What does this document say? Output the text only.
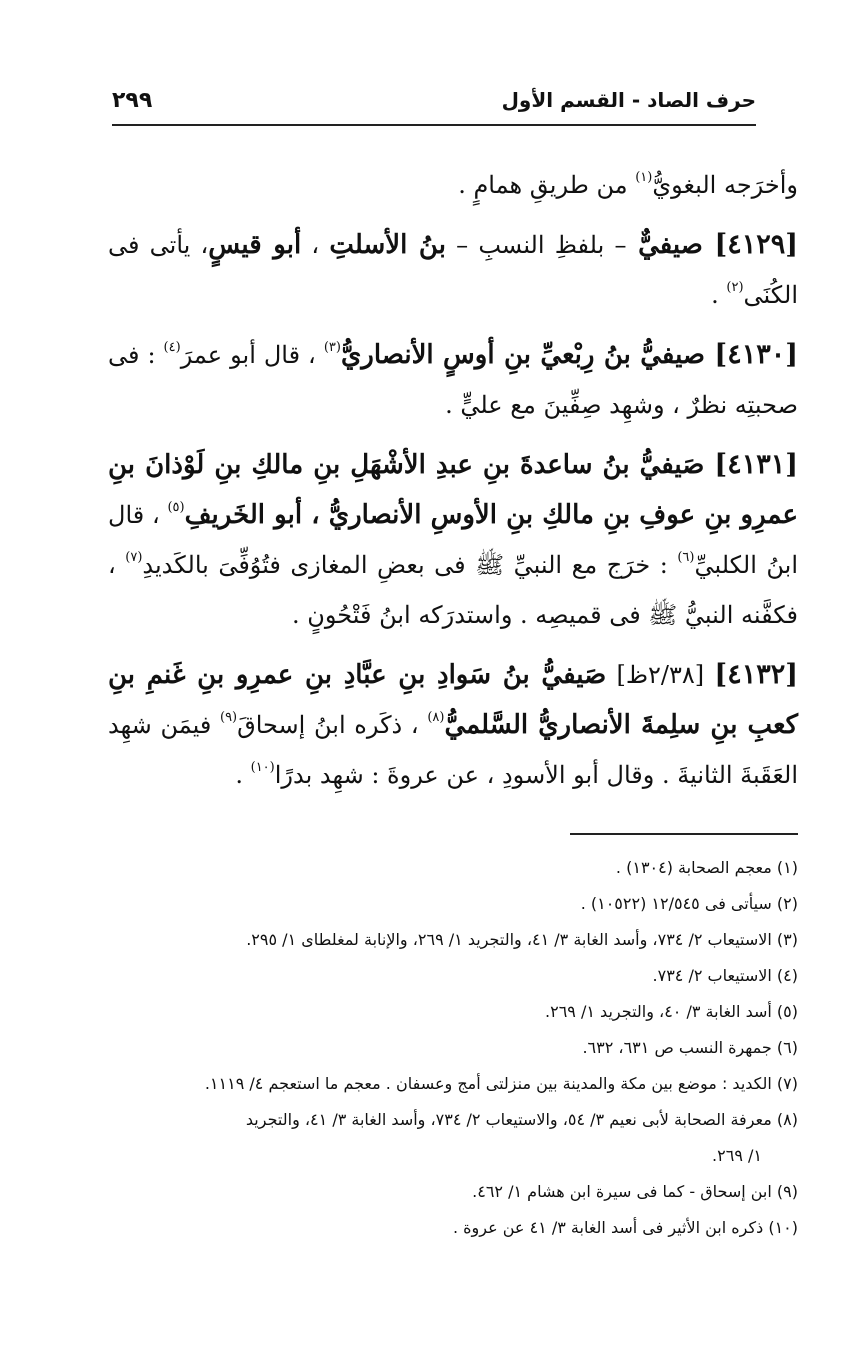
٢٩٩	حرف الصاد - القسم الأول

وأخرَجه البغويُّ$^{(١)}$ من طريقِ همامٍ .

[٤١٢٩] صيفيٌّ – بلفظِ النسبِ – بنُ الأسلتِ ، أبو قيسٍ، يأتى فى الكُنَى$^{(٢)}$ .

[٤١٣٠] صيفيُّ بنُ رِبْعيِّ بنِ أوسٍ الأنصاريُّ$^{(٣)}$ ، قال أبو عمرَ$^{(٤)}$ : فى صحبتِه نظرٌ ، وشهِد صِفِّينَ مع عليٍّ .

[٤١٣١] صَيفيُّ بنُ ساعدةَ بنِ عبدِ الأشْهَلِ بنِ مالكِ بنِ لَوْذانَ بنِ عمرِو بنِ عوفِ بنِ مالكِ بنِ الأوسِ الأنصاريُّ ، أبو الخَريفِ$^{(٥)}$ ، قال ابنُ الكلبيِّ$^{(٦)}$ : خرَج مع النبيِّ ﷺ فى بعضِ المغازى فتُوُفِّىَ بالكَديدِ$^{(٧)}$ ، فكفَّنه النبيُّ ﷺ فى قميصِه . واستدرَكه ابنُ فَتْحُونٍ .

[٤١٣٢] [٢/٣٨ظ] صَيفيُّ بنُ سَوادِ بنِ عبَّادِ بنِ عمرِو بنِ غَنمِ بنِ كعبِ بنِ سلِمةَ الأنصاريُّ السَّلميُّ$^{(٨)}$ ، ذكَره ابنُ إسحاقَ$^{(٩)}$ فيمَن شهِد العَقَبةَ الثانيةَ . وقال أبو الأسودِ ، عن عروةَ : شهِد بدرًا$^{(١٠)}$ .

(١) معجم الصحابة (١٣٠٤) .

(٢) سيأتى فى ١٢/٥٤٥ (١٠٥٢٢) .

(٣) الاستيعاب ٢/ ٧٣٤، وأسد الغابة ٣/ ٤١، والتجريد ١/ ٢٦٩، والإنابة لمغلطاى ١/ ٢٩٥.

(٤) الاستيعاب ٢/ ٧٣٤.

(٥) أسد الغابة ٣/ ٤٠، والتجريد ١/ ٢٦٩.

(٦) جمهرة النسب ص ٦٣١، ٦٣٢.

(٧) الكديد : موضع بين مكة والمدينة بين منزلتى أمج وعسفان . معجم ما استعجم ٤/ ١١١٩.

(٨) معرفة الصحابة لأبى نعيم ٣/ ٥٤، والاستيعاب ٢/ ٧٣٤، وأسد الغابة ٣/ ٤١، والتجريد

١/ ٢٦٩.

(٩) ابن إسحاق - كما فى سيرة ابن هشام ١/ ٤٦٢.

(١٠) ذكره ابن الأثير فى أسد الغابة ٣/ ٤١ عن عروة .
